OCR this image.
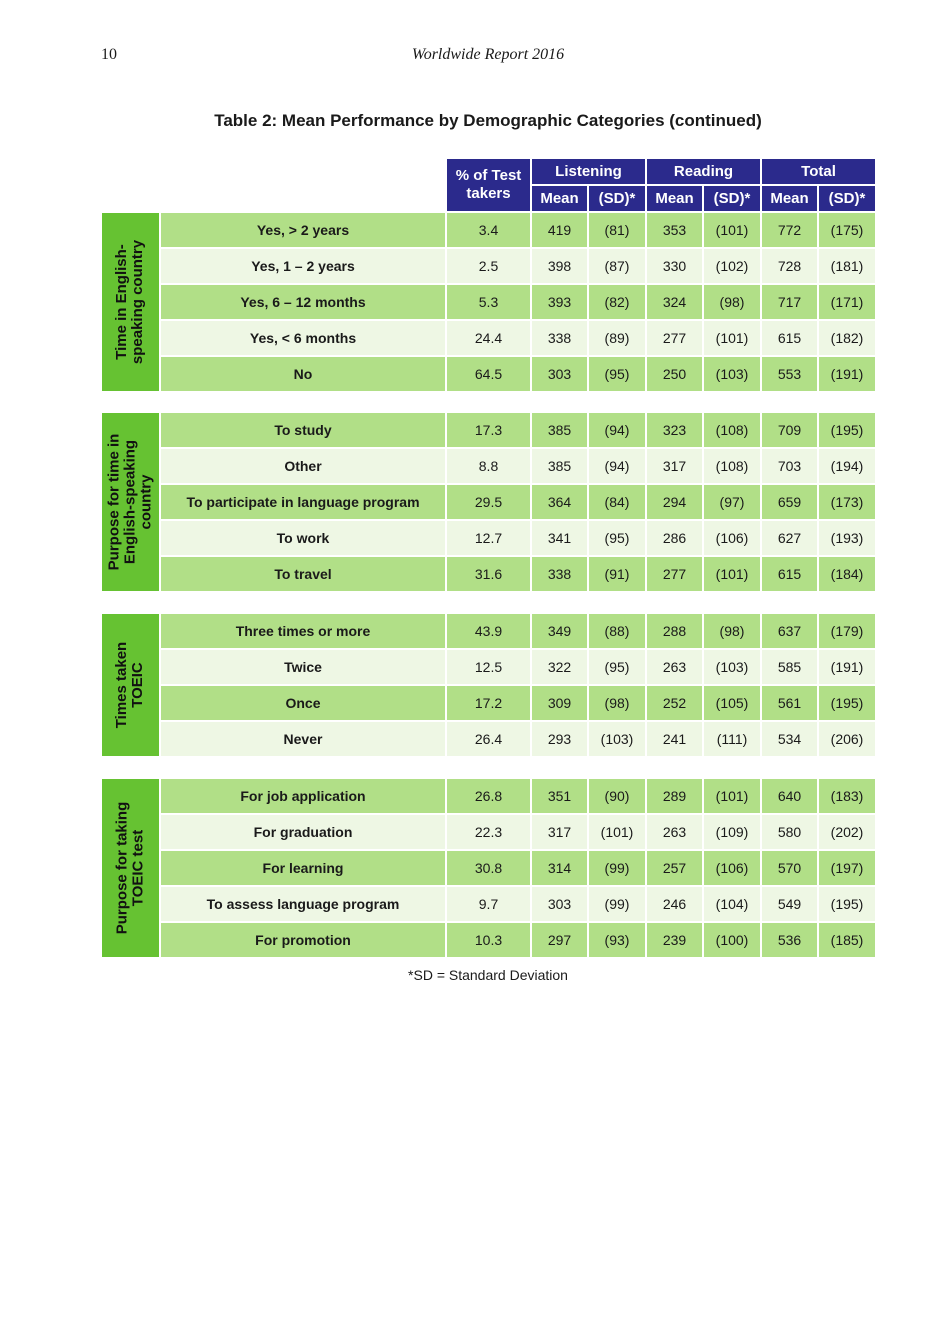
10	Worldwide Report 2016
Table 2: Mean Performance by Demographic Categories (continued)
% of Test takers
Listening	Reading	Total
Mean	(SD)*	Mean	(SD)*	Mean	(SD)*
Time in English-
speaking country
Yes, > 2 years	3.4	419	(81)	353	(101)	772	(175)
Yes, 1 – 2 years	2.5	398	(87)	330	(102)	728	(181)
Yes, 6 – 12 months	5.3	393	(82)	324	(98)	717	(171)
Yes, < 6 months	24.4	338	(89)	277	(101)	615	(182)
No	64.5	303	(95)	250	(103)	553	(191)
Purpose for time in
English-speaking
country
To study	17.3	385	(94)	323	(108)	709	(195)
Other	8.8	385	(94)	317	(108)	703	(194)
To participate in language program	29.5	364	(84)	294	(97)	659	(173)
To work	12.7	341	(95)	286	(106)	627	(193)
To travel	31.6	338	(91)	277	(101)	615	(184)
Times taken
TOEIC
Three times or more	43.9	349	(88)	288	(98)	637	(179)
Twice	12.5	322	(95)	263	(103)	585	(191)
Once	17.2	309	(98)	252	(105)	561	(195)
Never	26.4	293	(103)	241	(111)	534	(206)
Purpose for taking
TOEIC test
For job application	26.8	351	(90)	289	(101)	640	(183)
For graduation	22.3	317	(101)	263	(109)	580	(202)
For learning	30.8	314	(99)	257	(106)	570	(197)
To assess language program	9.7	303	(99)	246	(104)	549	(195)
For promotion	10.3	297	(93)	239	(100)	536	(185)
*SD = Standard Deviation
